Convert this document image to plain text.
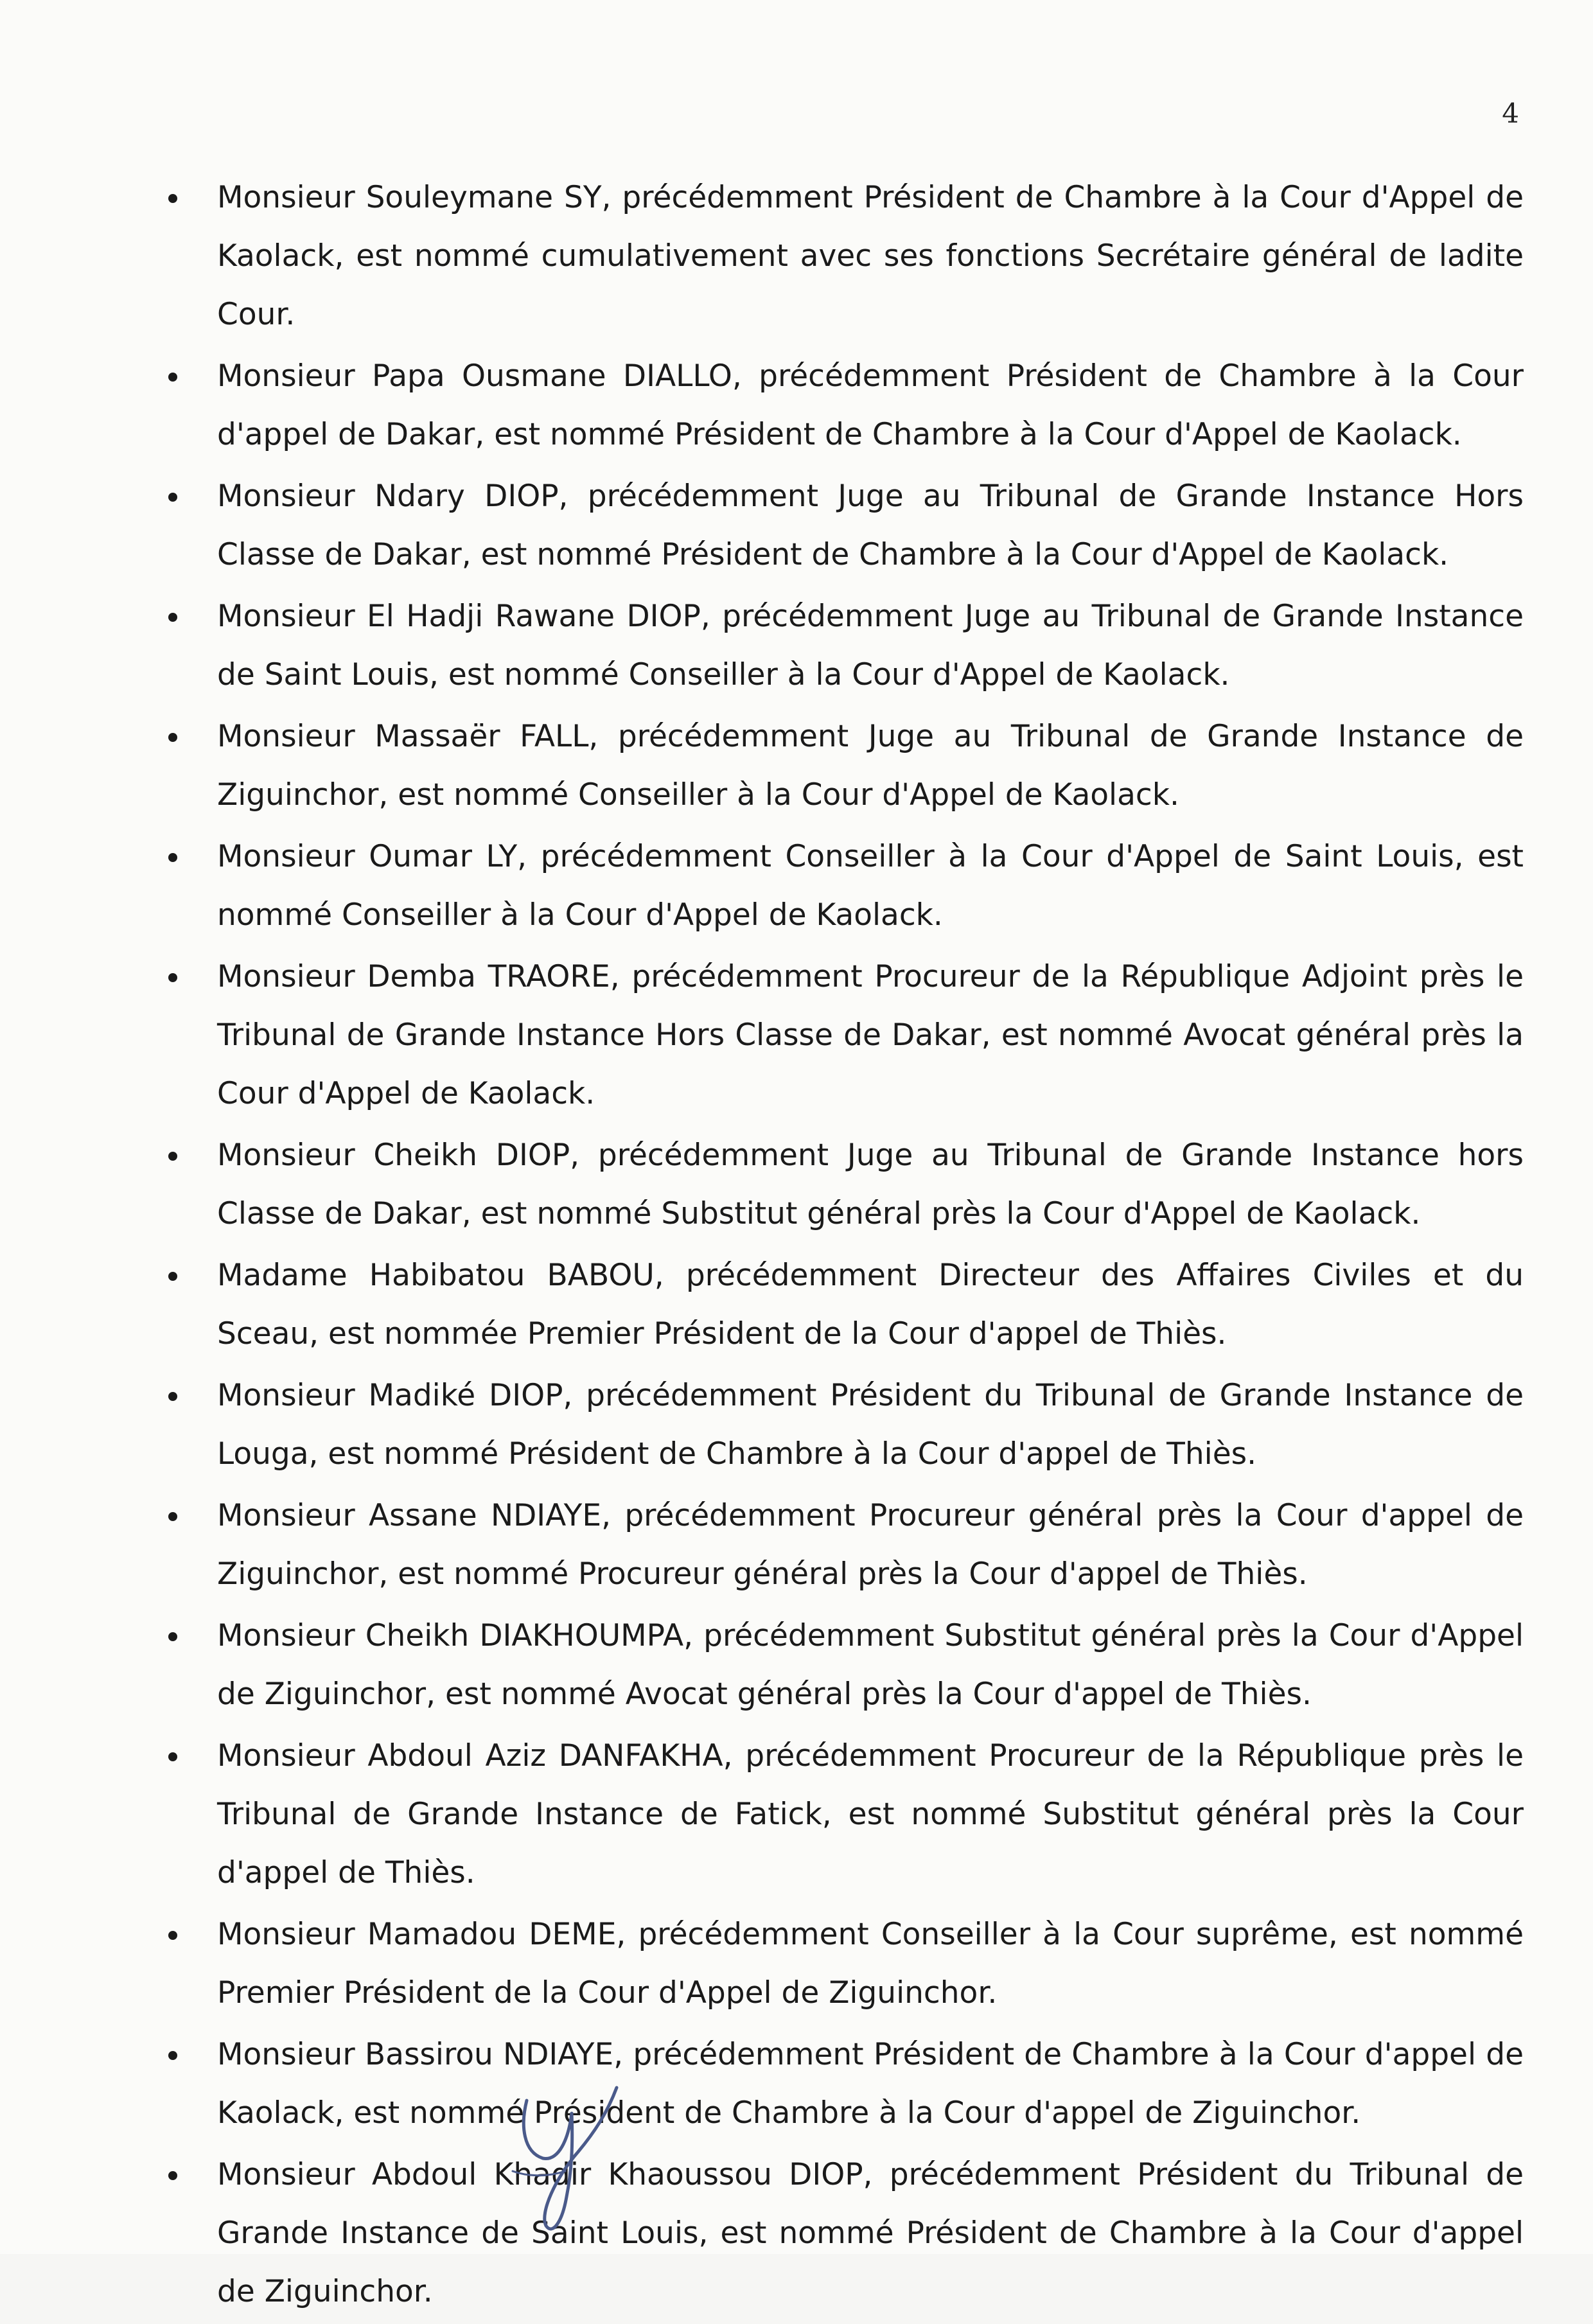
4
Monsieur Souleymane SY, précédemment Président de Chambre à la Cour d'Appel de Kaolack, est nommé cumulativement avec ses fonctions Secrétaire général de ladite Cour.
Monsieur Papa Ousmane DIALLO, précédemment Président de Chambre à la Cour d'appel de Dakar, est nommé Président de Chambre à la Cour d'Appel de Kaolack.
Monsieur Ndary DIOP, précédemment Juge au Tribunal de Grande Instance Hors Classe de Dakar, est nommé Président de Chambre à la Cour d'Appel de Kaolack.
Monsieur El Hadji Rawane DIOP, précédemment Juge au Tribunal de Grande Instance de Saint Louis, est nommé Conseiller à la Cour d'Appel de Kaolack.
Monsieur Massaër FALL, précédemment Juge au Tribunal de Grande Instance de Ziguinchor, est nommé Conseiller à la Cour d'Appel de Kaolack.
Monsieur Oumar LY, précédemment Conseiller à la Cour d'Appel de Saint Louis, est nommé Conseiller à la Cour d'Appel de Kaolack.
Monsieur Demba TRAORE, précédemment Procureur de la République Adjoint près le Tribunal de Grande Instance Hors Classe de Dakar, est nommé Avocat général près la Cour d'Appel de Kaolack.
Monsieur Cheikh DIOP, précédemment Juge au Tribunal de Grande Instance hors Classe de Dakar, est nommé Substitut général près la Cour d'Appel de Kaolack.
Madame Habibatou BABOU, précédemment Directeur des Affaires Civiles et du Sceau, est nommée Premier Président de la Cour d'appel de Thiès.
Monsieur Madiké DIOP, précédemment Président du Tribunal de Grande Instance de Louga, est nommé Président de Chambre à la Cour d'appel de Thiès.
Monsieur Assane NDIAYE, précédemment Procureur général près la Cour d'appel de Ziguinchor, est nommé Procureur général près la Cour d'appel de Thiès.
Monsieur Cheikh DIAKHOUMPA, précédemment Substitut général près la Cour d'Appel de Ziguinchor, est nommé Avocat général près la Cour d'appel de Thiès.
Monsieur Abdoul Aziz DANFAKHA, précédemment Procureur de la République près le Tribunal de Grande Instance de Fatick, est nommé Substitut général près la Cour d'appel de Thiès.
Monsieur Mamadou DEME, précédemment Conseiller à la Cour suprême, est nommé Premier Président de la Cour d'Appel de Ziguinchor.
Monsieur Bassirou NDIAYE, précédemment Président de Chambre à la Cour d'appel de Kaolack, est nommé Président de Chambre à la Cour d'appel de Ziguinchor.
Monsieur Abdoul Khadir Khaoussou DIOP, précédemment Président du Tribunal de Grande Instance de Saint Louis, est nommé Président de Chambre à la Cour d'appel de Ziguinchor.
